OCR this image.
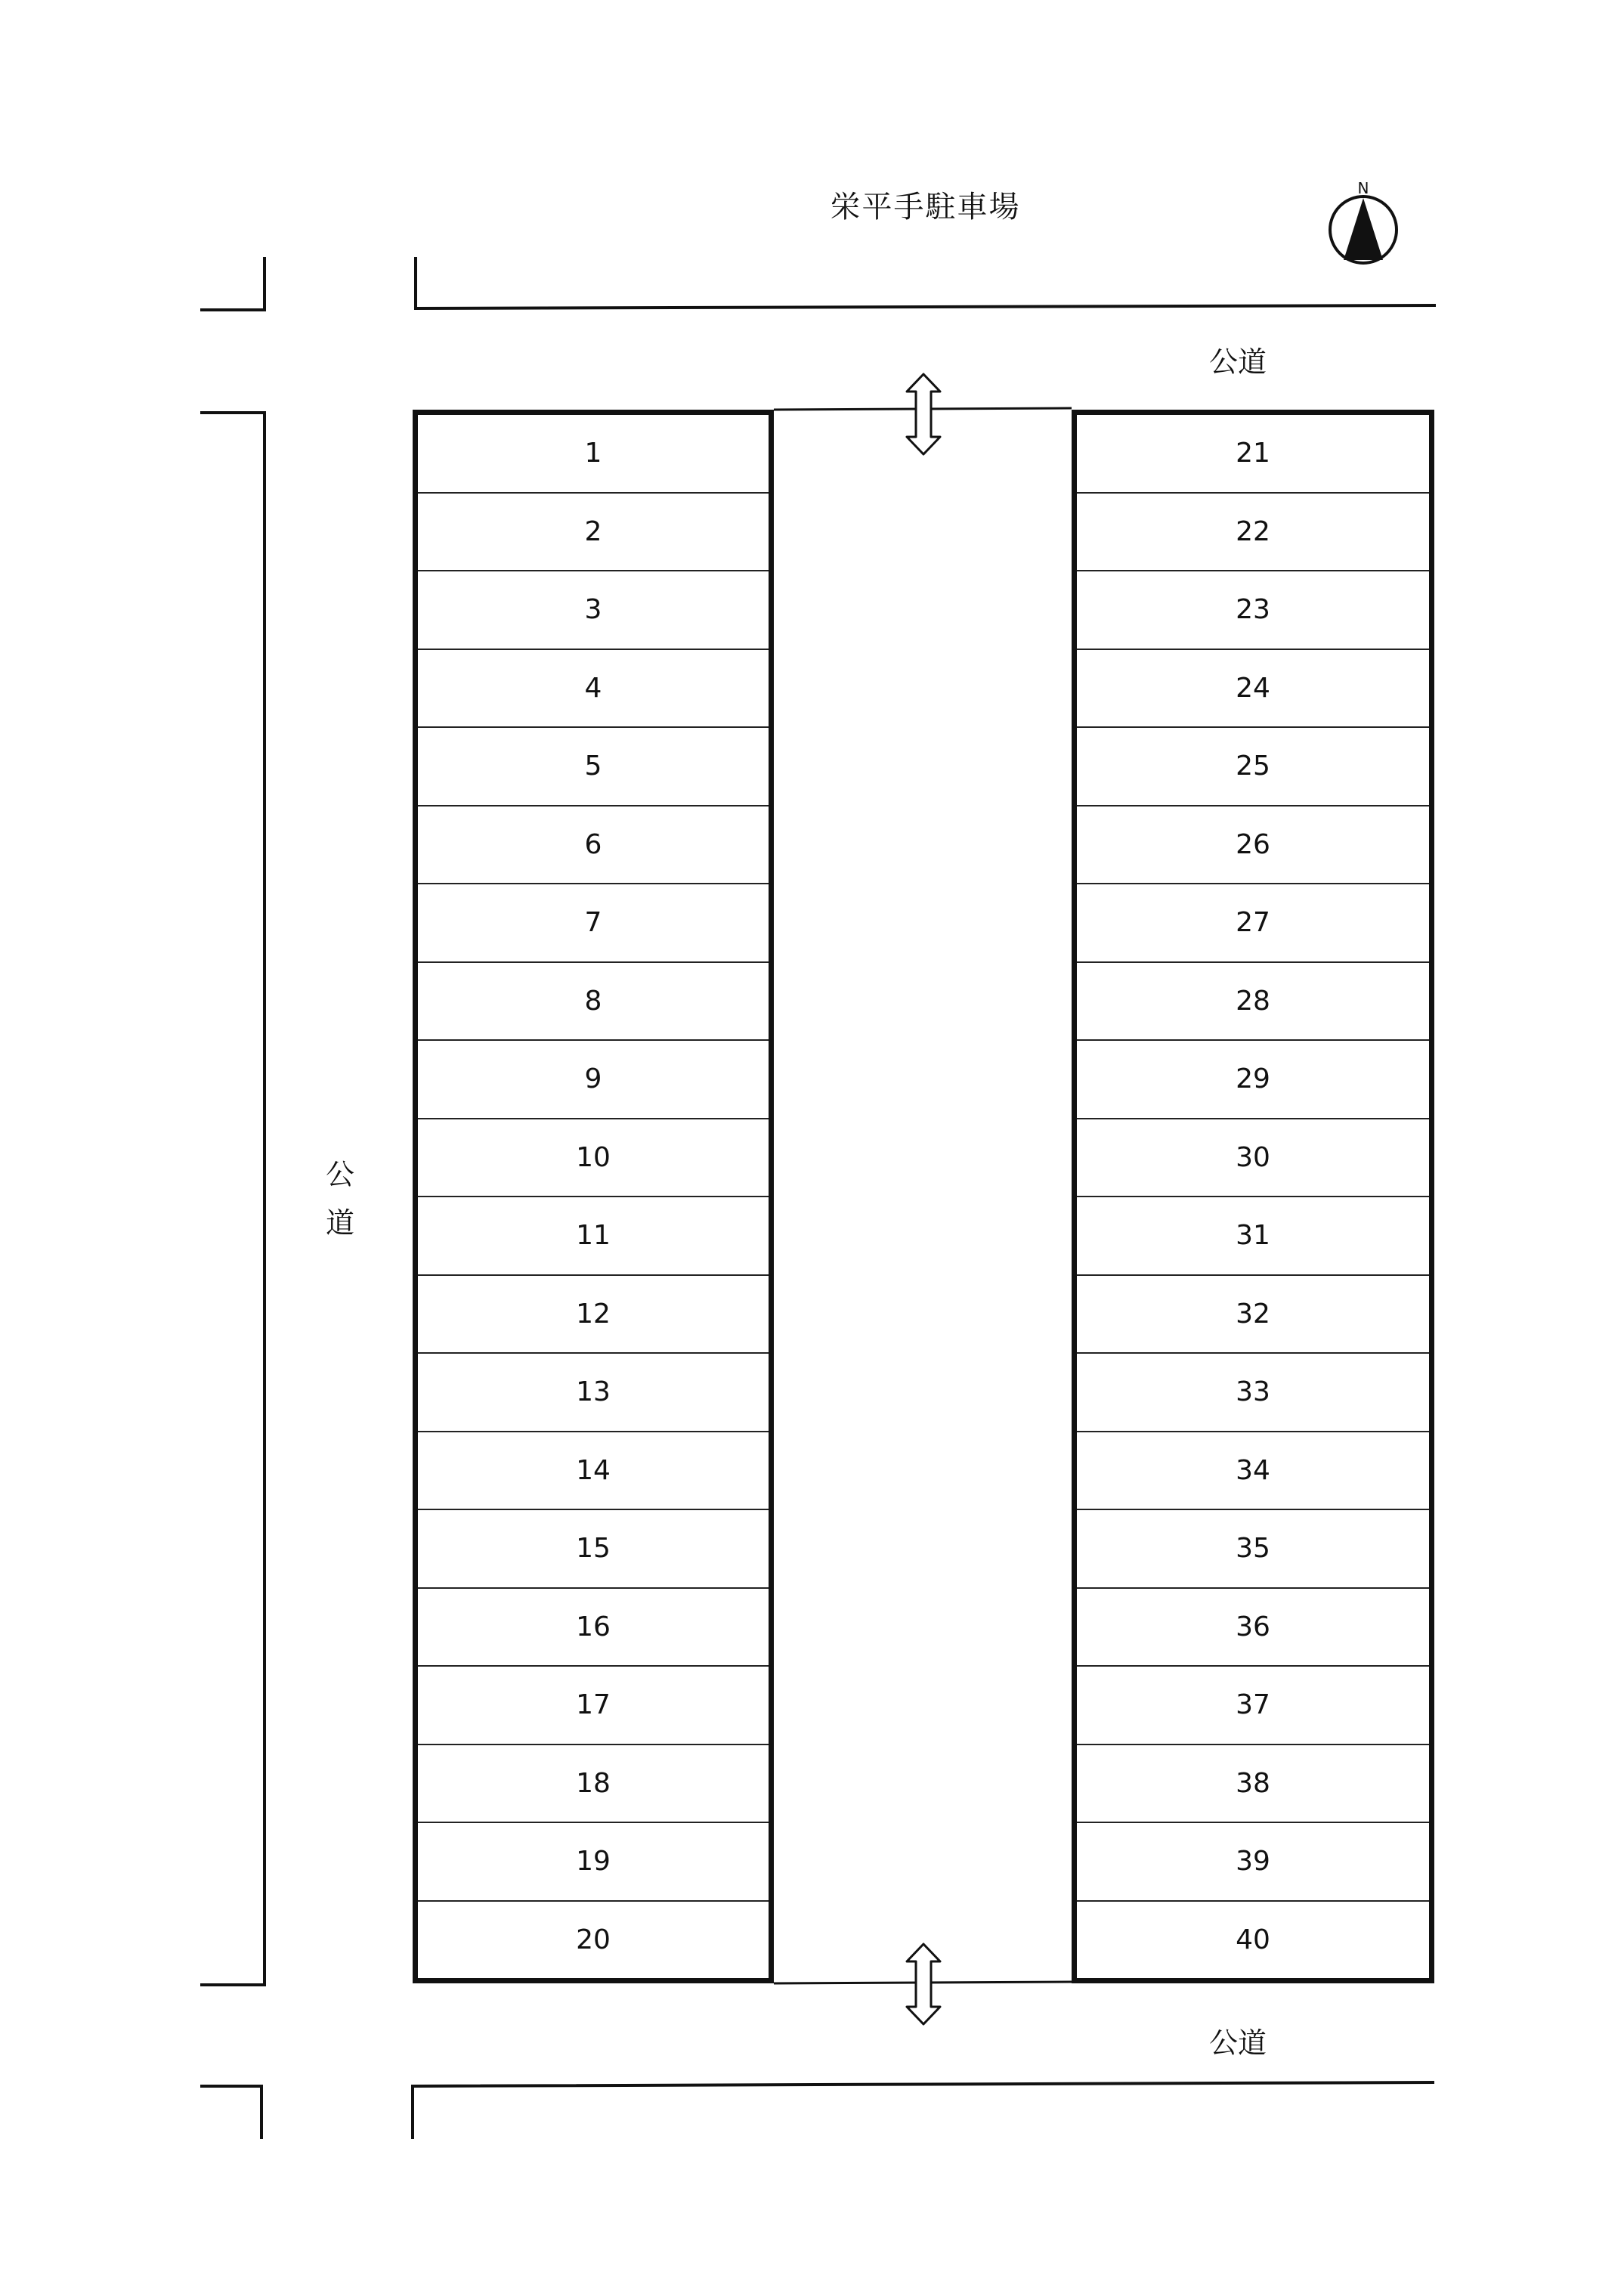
N
栄平手駐車場
公道
公道
公
道
1
2
3
4
5
6
7
8
9
10
11
12
13
14
15
16
17
18
19
20
21
22
23
24
25
26
27
28
29
30
31
32
33
34
35
36
37
38
39
40
